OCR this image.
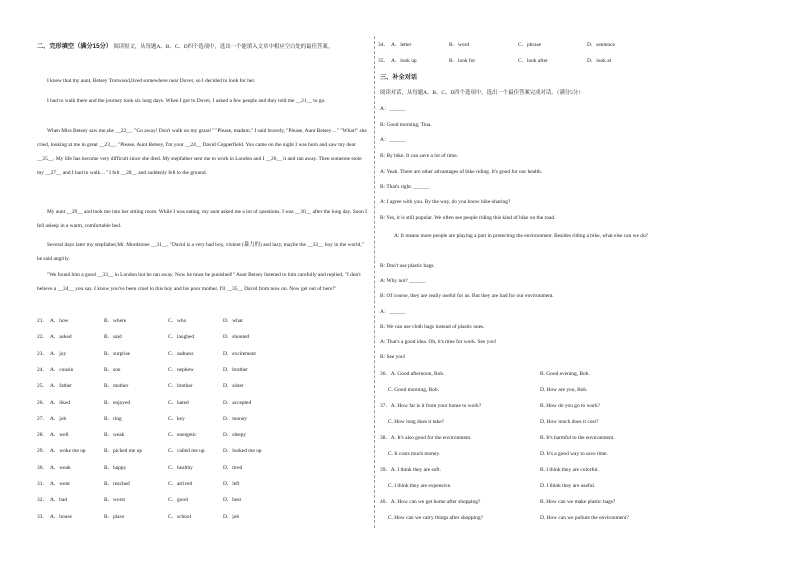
二、完形填空（满分15分） 阅读短文，从每题A、B、C、D四个选项中，选出一个能填入文章中相应空白处的最佳答案。
I knew that my aunt, Betsey Trotwood,lived somewhere near Dover, so I decided to look for her.
I had to walk there and the journey took six long days. When I got to Dover, I asked a few people and they told me __21__ to go.
When Miss Betsey saw me,she __22__. "Go away! Don't walk on my grass!" "Please, madam," I said bravely, "Please, Aunt Betsey…" "What!" she cried, looking at me in great __23__. "Please, Aunt Betsey, I'm your __24__ David Copperfield. You came on the night I was born and saw my dear __25__. My life has become very difficult since she died. My stepfather sent me to work in London and I __26__ it and ran away. Then someone stole my __27__ and I had to walk…" I felt __28__ and suddenly fell to the ground.
My aunt __29__ and took me into her sitting room. While I was eating, my aunt asked me a lot of questions. I was __30__ after the long day. Soon I fell asleep in a warm, comfortable bed.
Several days later my stepfather,Mr. Murdstone __31__. "David is a very bad boy, violent (暴力的) and lazy, maybe the __32__ boy in the world," he said angrily.
"We found him a good __33__ in London but he ran away. Now he must be punished!" Aunt Betsey listened to him carefully and replied, "I don't believe a __34__ you say. I know you've been cruel to this boy and his poor mother. I'll __35__ David from now on. Now get out of here!"
21． A．how	B．where	C．who	D．what
22． A．asked	B．said	C．laughed	D．shouted
23． A．joy	B．surprise	C．sadness	D．excitement
24． A．cousin	B．son	C．nephew	D．brother
25． A．father	B．mother	C．brother	D．sister
26． A．liked	B．enjoyed	C．hated	D．accepted
27． A．job	B．ring	C．key	D．money
28． A．well	B．weak	C．energetic	D．sleepy
29． A．woke me up	B．picked me up	C．called me up	D．looked me up
30． A．weak	B．happy	C．healthy	D．tired
31． A．went	B．reached	C．arrived	D．left
32． A．bad	B．worst	C．good	D．best
33． A．house	B．place	C．school	D．job
34． A．letter	B．word	C．phrase	D．sentence
35． A．look up	B．look for	C．look after	D．look at
三、补全对话
阅读对话，从每题A、B、C、D四个选项中，选出一个最佳答案完成对话。（满分5分）
A：______
B: Good morning, Tina.
A：______
B: By bike. It can save a lot of time.
A: Yeah. There are other advantages of bike riding. It's good for our health.
B: That's right. ______
A: I agree with you. By the way, do you know bike-sharing?
B: Yes, it is still popular. We often see people riding this kind of bike on the road.
A: It means more people are playing a part in protecting the environment. Besides riding a bike, what else can we do?
B: Don't use plastic bags.
A: Why not? ______
B: Of course, they are really useful for us. But they are bad for our environment.
A：______
B: We can use cloth bags instead of plastic ones.
A: That's a good idea. Oh, it's time for work. See you!
B: See you!
36．A. Good afternoon, Bob.	B. Good evening, Bob.
C. Good morning, Bob.	D. How are you, Bob.
37．A. How far is it from your home to work?	B. How do you go to work?
C. How long does it take?	D. How much does it cost?
38．A. It's also good for the environment.	B. It's harmful to the environment.
C. It costs much money.	D. It's a good way to save time.
39．A. I think they are soft.	B. I think they are colorful.
C. I think they are expensive.	D. I think they are useful.
40．A. How can we get home after shopping?	B. How can we make plastic bags?
C. How can we carry things after shopping?	D. How can we pollute the environment?
